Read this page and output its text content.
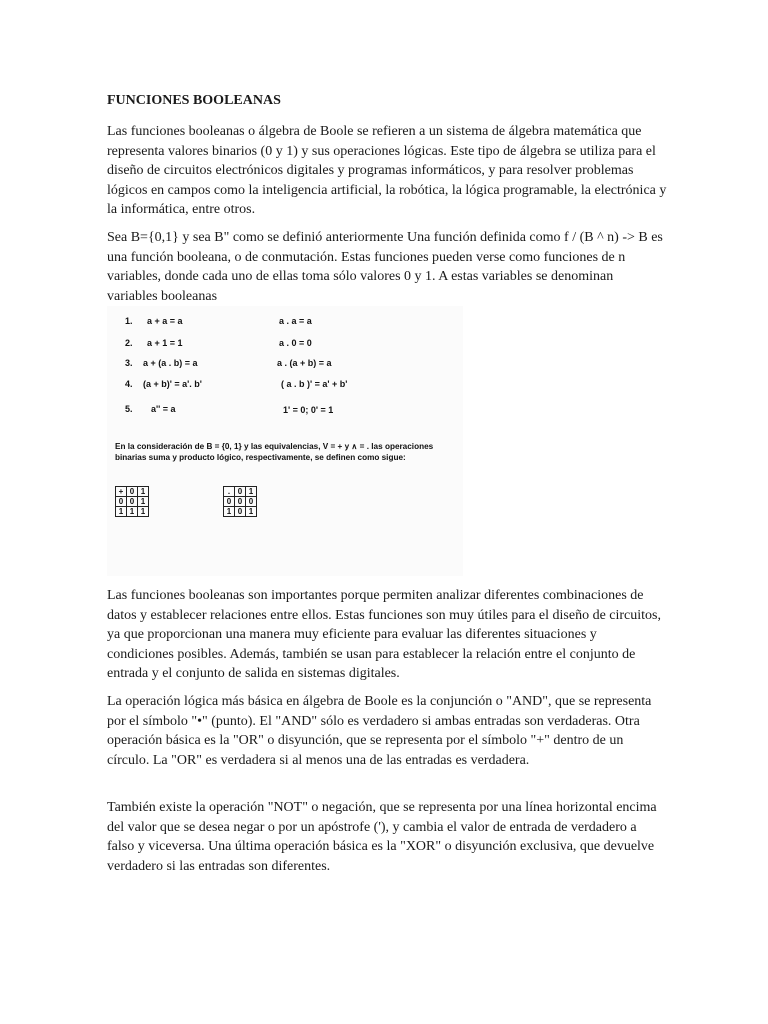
FUNCIONES BOOLEANAS

Las funciones booleanas o álgebra de Boole se refieren a un sistema de álgebra matemática que representa valores binarios (0 y 1) y sus operaciones lógicas. Este tipo de álgebra se utiliza para el diseño de circuitos electrónicos digitales y programas informáticos, y para resolver problemas lógicos en campos como la inteligencia artificial, la robótica, la lógica programable, la electrónica y la informática, entre otros.

Sea B={0,1} y sea B" como se definió anteriormente Una función definida como f / (B ^ n) -> B es una función booleana, o de conmutación. Estas funciones pueden verse como funciones de n variables, donde cada uno de ellas toma sólo valores 0 y 1. A estas variables se denominan variables booleanas

Las funciones booleanas son importantes porque permiten analizar diferentes combinaciones de datos y establecer relaciones entre ellos. Estas funciones son muy útiles para el diseño de circuitos, ya que proporcionan una manera muy eficiente para evaluar las diferentes situaciones y condiciones posibles. Además, también se usan para establecer la relación entre el conjunto de entrada y el conjunto de salida en sistemas digitales.

La operación lógica más básica en álgebra de Boole es la conjunción o "AND", que se representa por el símbolo "•" (punto). El "AND" sólo es verdadero si ambas entradas son verdaderas. Otra operación básica es la "OR" o disyunción, que se representa por el símbolo "+" dentro de un círculo. La "OR" es verdadera si al menos una de las entradas es verdadera.

También existe la operación "NOT" o negación, que se representa por una línea horizontal encima del valor que se desea negar o por un apóstrofe ('), y cambia el valor de entrada de verdadero a falso y viceversa. Una última operación básica es la "XOR" o disyunción exclusiva, que devuelve verdadero si las entradas son diferentes.

1. a + a = a	a . a = a
2. a + 1 = 1	a . 0 = 0
3. a + (a . b) = a	a . (a + b) = a
4. (a + b)' = a'. b'	( a . b )' = a' + b'
5. a'' = a	1' = 0; 0' = 1
En la consideración de B = {0, 1} y las equivalencias, V = + y ∧ = . las operaciones binarias suma y producto lógico, respectivamente, se definen como sigue:
+	0	1
0	0	1
1	1	1
.	0	1
0	0	0
1	0	1
